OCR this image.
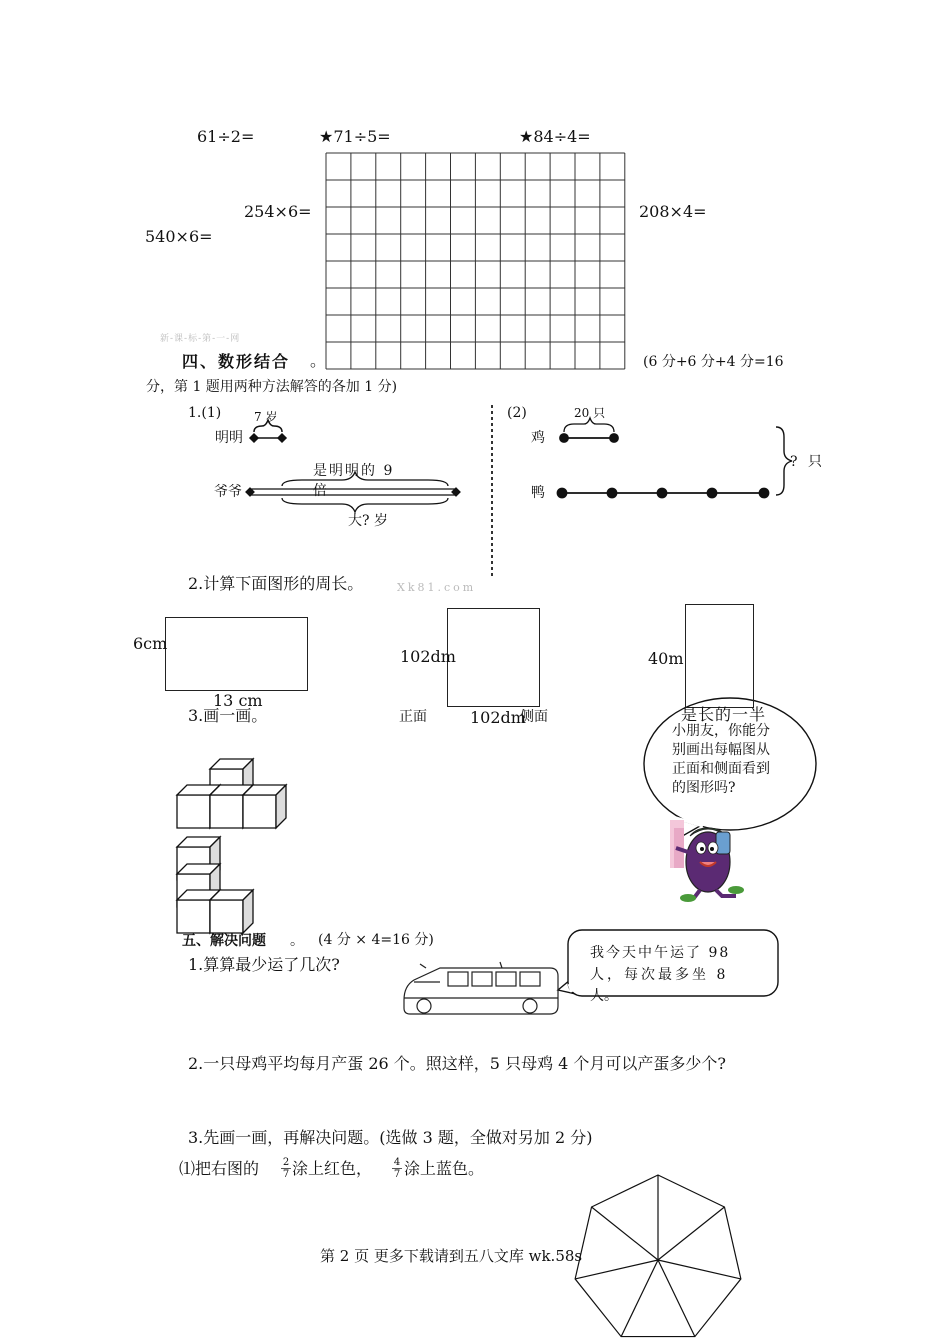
61÷2=	★71÷5=	★84÷4=
254×6=	208×4=
540×6=
新-课-标-第-一-网
四、数形结合 。	(6 分+6 分+4 分=16
分，第 1 题用两种方法解答的各加 1 分)
1.(1)	7 岁
明明
爷爷
是明明的 9
倍
大? 岁
(2)	20 只
鸡
鸭
? 只
2.计算下面图形的周长。	Xk81.com
6cm
13 cm
102dm
102dm
40m
是长的一半
3.画一画。	正面	侧面
小朋友，你能分
别画出每幅图从
正面和侧面看到
的图形吗?
五、解决问题 。 (4 分 × 4=16 分)
1.算算最少运了几次?
我今天中午运了 98
人，每次最多坐 8
人。
2.一只母鸡平均每月产蛋 26 个。照这样，5 只母鸡 4 个月可以产蛋多少个?
3.先画一画，再解决问题。(选做 3 题，全做对另加 2 分)
⑴把右图的 $\frac{2}{7}$ 涂上红色， $\frac{4}{7}$ 涂上蓝色。
第 2 页 更多下载请到五八文库 wk.58s
